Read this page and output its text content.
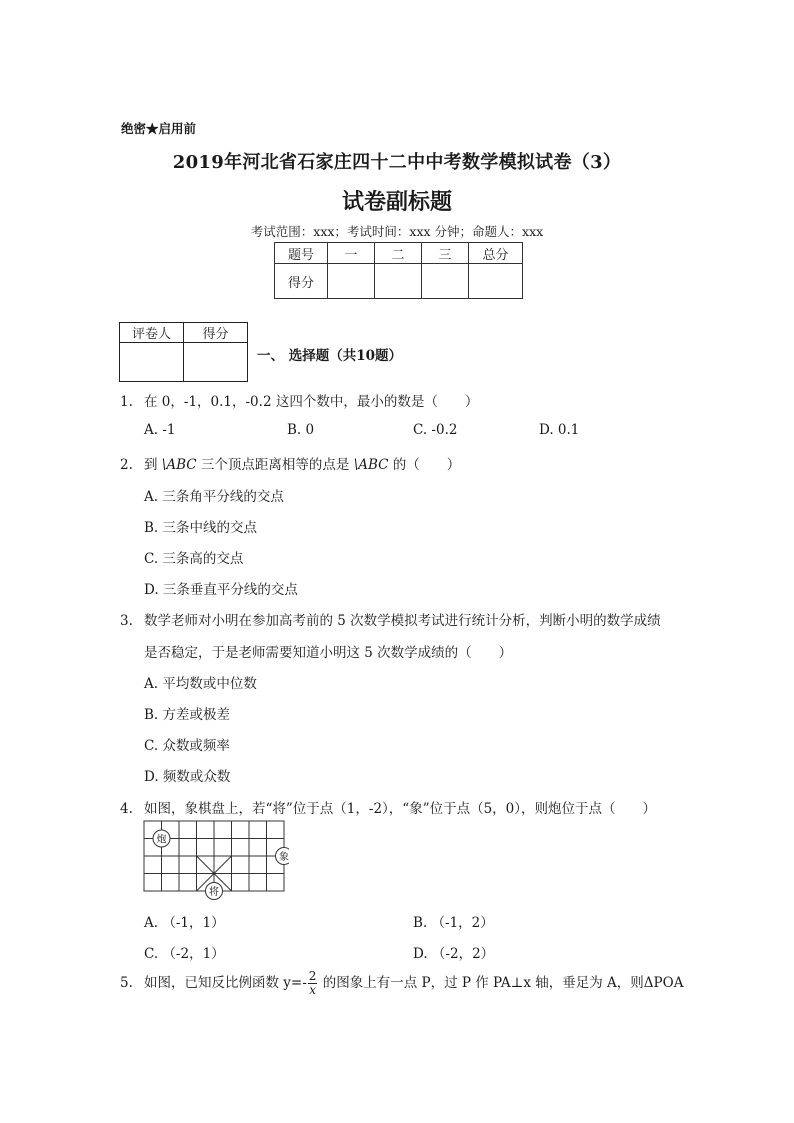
绝密★启用前
2019年河北省石家庄四十二中中考数学模拟试卷（3）
试卷副标题
考试范围：xxx；考试时间：xxx 分钟；命题人：xxx
题号	一	二	三	总分
得分				
评卷人	得分

一、 选择题（共10题）
1. 在 0，-1，0.1，-0.2 这四个数中，最小的数是（　　）
A. -1	B. 0	C. -0.2	D. 0.1
2. 到 \ABC 三个顶点距离相等的点是 \ABC 的（　　）
A. 三条角平分线的交点
B. 三条中线的交点
C. 三条高的交点
D. 三条垂直平分线的交点
3. 数学老师对小明在参加高考前的 5 次数学模拟考试进行统计分析，判断小明的数学成绩
是否稳定，于是老师需要知道小明这 5 次数学成绩的（　　）
A. 平均数或中位数
B. 方差或极差
C. 众数或频率
D. 频数或众数
4. 如图，象棋盘上，若“将”位于点（1，-2），“象”位于点（5，0），则炮位于点（　　）
炮
象
将
A. （-1，1）	B. （-1，2）
C. （-2，1）	D. （-2，2）
5. 如图，已知反比例函数 $y=- \frac{2}{x}$ 的图象上有一点 P，过 P 作 PA⊥x 轴，垂足为 A，则ΔPOA
